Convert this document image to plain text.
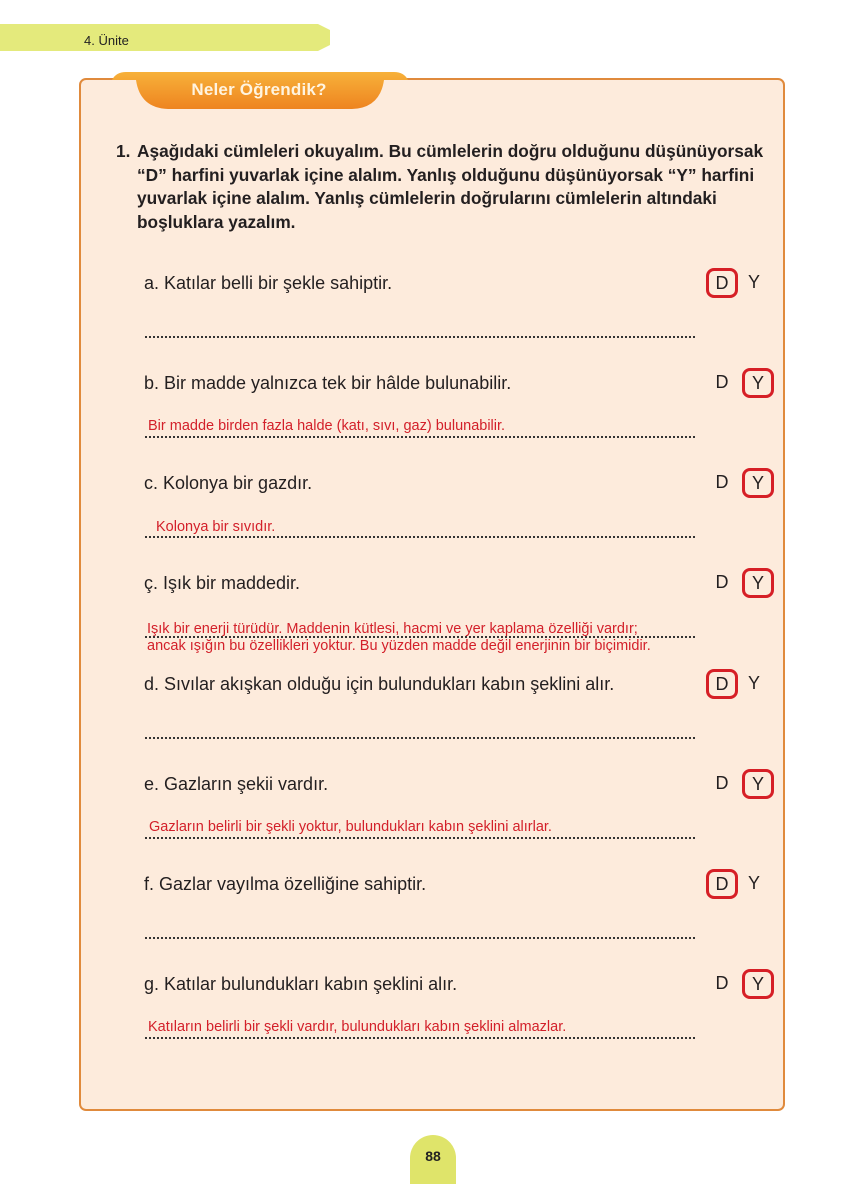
4. Ünite
Neler Öğrendik?
1. Aşağıdaki cümleleri okuyalım. Bu cümlelerin doğru olduğunu düşünüyorsak “D” harfini yuvarlak içine alalım. Yanlış olduğunu düşünüyorsak “Y” harfini yuvarlak içine alalım. Yanlış cümlelerin doğrularını cümlelerin altındaki boşluklara yazalım.
a. Katılar belli bir şekle sahiptir.	D	Y
b. Bir madde yalnızca tek bir hâlde bulunabilir.	D	Y
Bir madde birden fazla halde (katı, sıvı, gaz) bulunabilir.
c. Kolonya bir gazdır.	D	Y
Kolonya bir sıvıdır.
ç. Işık bir maddedir.	D	Y
Işık bir enerji türüdür. Maddenin kütlesi, hacmi ve yer kaplama özelliği vardır;
ancak ışığın bu özellikleri yoktur. Bu yüzden madde değil enerjinin bir biçimidir.
d. Sıvılar akışkan olduğu için bulundukları kabın şeklini alır.	D	Y
e. Gazların şekii vardır.	D	Y
Gazların belirli bir şekli yoktur, bulundukları kabın şeklini alırlar.
f. Gazlar vayılma özelliğine sahiptir.	D	Y
g. Katılar bulundukları kabın şeklini alır.	D	Y
Katıların belirli bir şekli vardır, bulundukları kabın şeklini almazlar.
88
